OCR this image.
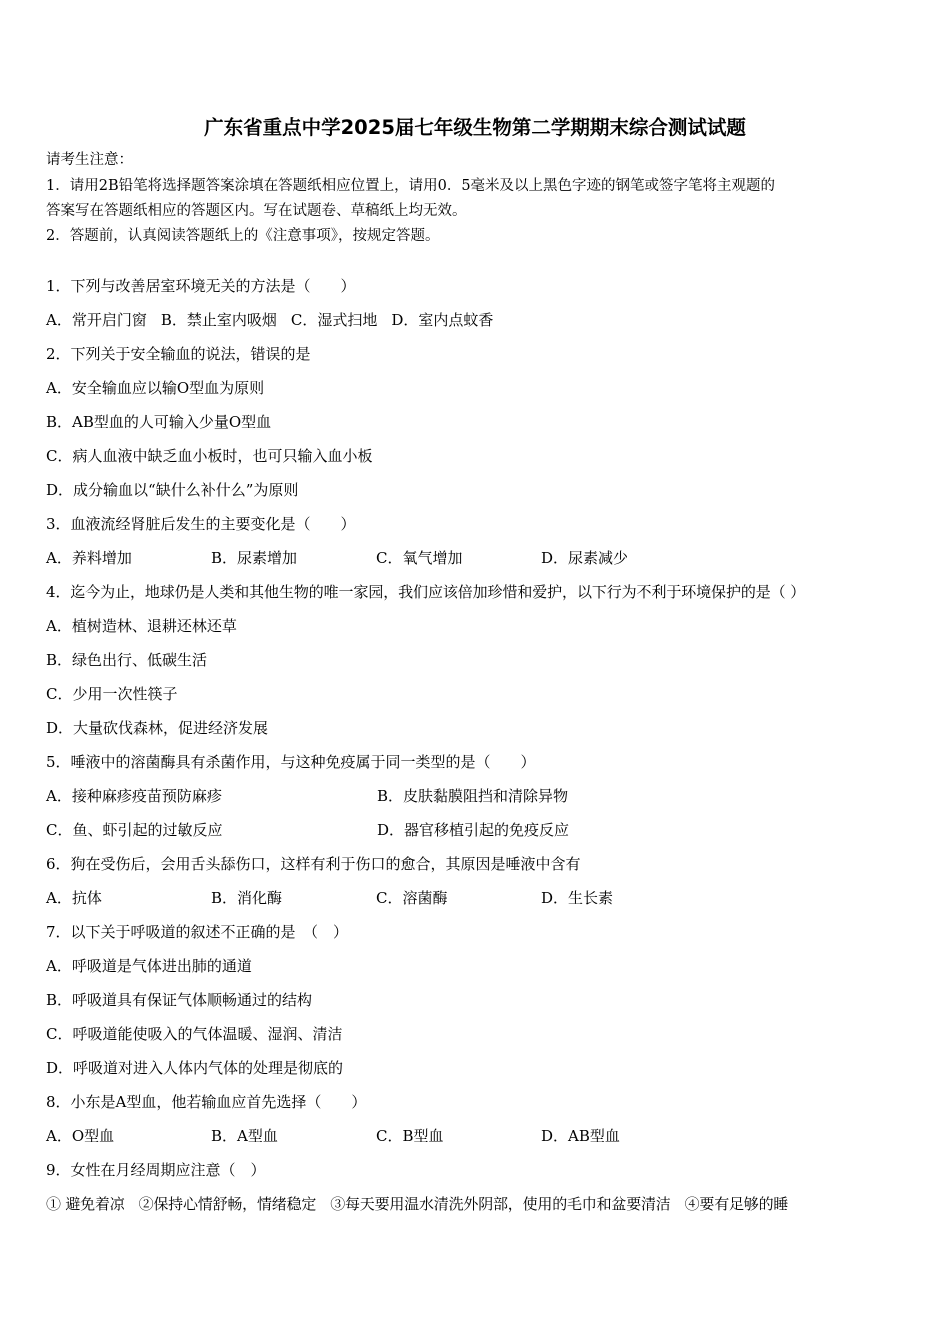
广东省重点中学2025届七年级生物第二学期期末综合测试试题
请考生注意：
1．请用2B铅笔将选择题答案涂填在答题纸相应位置上，请用0．5毫米及以上黑色字迹的钢笔或签字笔将主观题的
答案写在答题纸相应的答题区内。写在试题卷、草稿纸上均无效。
2．答题前，认真阅读答题纸上的《注意事项》，按规定答题。
1．下列与改善居室环境无关的方法是（　　）
A．常开启门窗 B．禁止室内吸烟 C．湿式扫地 D．室内点蚊香
2．下列关于安全输血的说法，错误的是
A．安全输血应以输O型血为原则
B．AB型血的人可输入少量O型血
C．病人血液中缺乏血小板时，也可只输入血小板
D．成分输血以“缺什么补什么”为原则
3．血液流经肾脏后发生的主要变化是（　　）
A．养料增加	B．尿素增加	C．氧气增加	D．尿素减少
4．迄今为止，地球仍是人类和其他生物的唯一家园，我们应该倍加珍惜和爱护，以下行为不利于环境保护的是（ ）
A．植树造林、退耕还林还草
B．绿色出行、低碳生活
C．少用一次性筷子
D．大量砍伐森林，促进经济发展
5．唾液中的溶菌酶具有杀菌作用，与这种免疫属于同一类型的是（　　）
A．接种麻疹疫苗预防麻疹	B．皮肤黏膜阻挡和清除异物
C．鱼、虾引起的过敏反应	D．器官移植引起的免疫反应
6．狗在受伤后，会用舌头舔伤口，这样有利于伤口的愈合，其原因是唾液中含有
A．抗体	B．消化酶	C．溶菌酶	D．生长素
7．以下关于呼吸道的叙述不正确的是　（　）
A．呼吸道是气体进出肺的通道
B．呼吸道具有保证气体顺畅通过的结构
C．呼吸道能使吸入的气体温暖、湿润、清洁
D．呼吸道对进入人体内气体的处理是彻底的
8．小东是A型血，他若输血应首先选择（　　）
A．O型血	B．A型血	C．B型血	D．AB型血
9．女性在月经周期应注意（　）
① 避免着凉 ②保持心情舒畅，情绪稳定 ③每天要用温水清洗外阴部，使用的毛巾和盆要清洁 ④要有足够的睡
